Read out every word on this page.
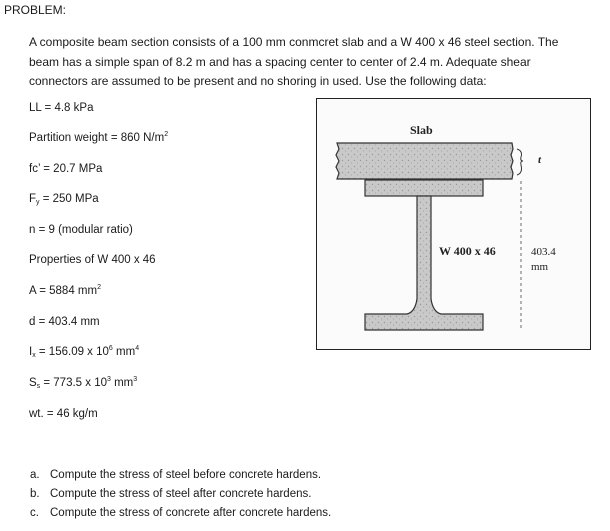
PROBLEM:
A composite beam section consists of a 100 mm conmcret slab and a W 400 x 46 steel section. The beam has a simple span of 8.2 m and has a spacing center to center of 2.4 m. Adequate shear connectors are assumed to be present and no shoring in used. Use the following data:
LL = 4.8 kPa
Partition weight = 860 $N/m^2$
fc’ = 20.7 MPa
$F_y = 250$ MPa
n = 9 (modular ratio)
Properties of W 400 x 46
A = 5884 $mm^2$
d = 403.4 mm
$I_x = 156.09$ x $10^6$ $mm^4$
$S_s = 773.5$ x $10^3$ $mm^3$
wt. = 46 kg/m
Slab
t
W 400 x 46	403.4
mm
a. Compute the stress of steel before concrete hardens.
b. Compute the stress of steel after concrete hardens.
c. Compute the stress of concrete after concrete hardens.
